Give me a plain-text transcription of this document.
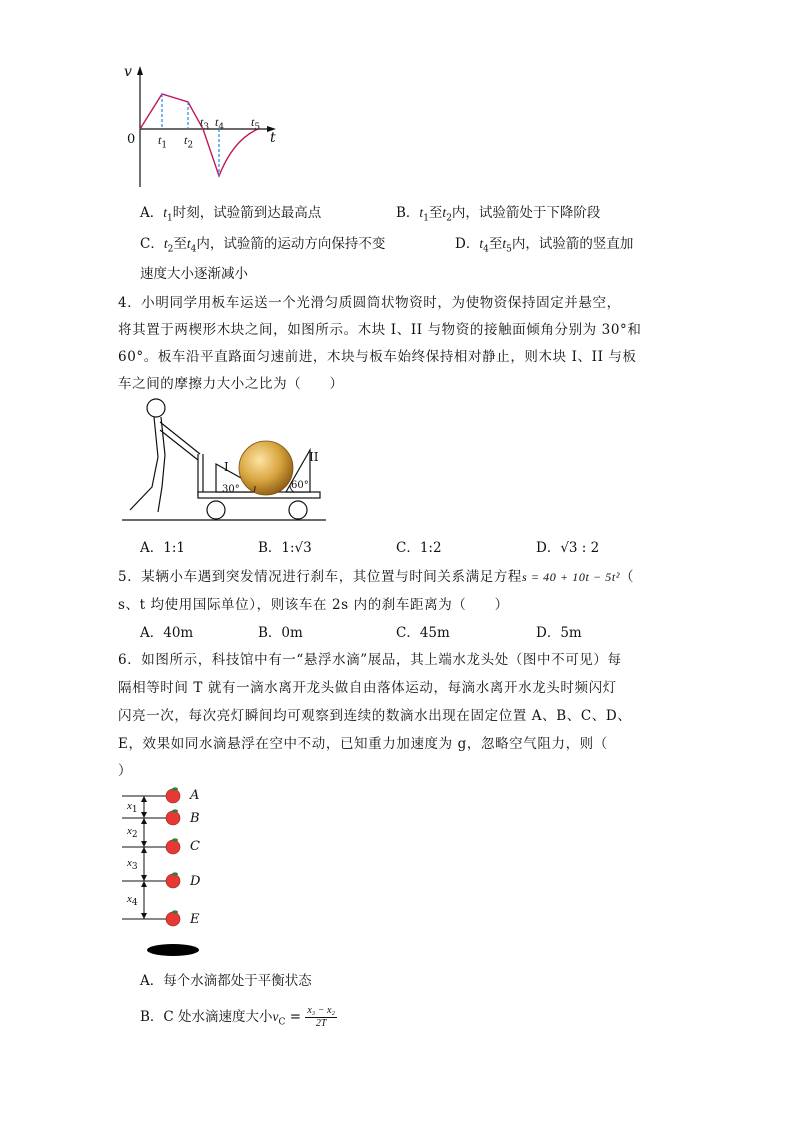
v
t
0 $t_1$ $t_2$
$t_3$ $t_4$ $t_5$
A．$t_1$时刻，试验箭到达最高点	B．$t_1$至$t_2$内，试验箭处于下降阶段
C．$t_2$至$t_4$内，试验箭的运动方向保持不变	D．$t_4$至$t_5$内，试验箭的竖直加
速度大小逐渐减小
4．小明同学用板车运送一个光滑匀质圆筒状物资时，为使物资保持固定并悬空，
将其置于两楔形木块之间，如图所示。木块 I、II 与物资的接触面倾角分别为 30°和
60°。板车沿平直路面匀速前进，木块与板车始终保持相对静止，则木块 I、II 与板
车之间的摩擦力大小之比为（　　）
I
II
30°	60°
A．1:1	B．1:√3	C．1:2	D．√3 : 2
5．某辆小车遇到突发情况进行刹车，其位置与时间关系满足方程s = 40 + 10t − 5t²（
s、t 均使用国际单位），则该车在 2s 内的刹车距离为（　　）
A．40m	B．0m	C．45m	D．5m
6．如图所示，科技馆中有一“悬浮水滴”展品，其上端水龙头处（图中不可见）每
隔相等时间 T 就有一滴水离开龙头做自由落体运动，每滴水离开水龙头时频闪灯
闪亮一次，每次亮灯瞬间均可观察到连续的数滴水出现在固定位置 A、B、C、D、
E，效果如同水滴悬浮在空中不动，已知重力加速度为 g，忽略空气阻力，则（
）
A
B
C
D
E
$x_1$
$x_2$
$x_3$
$x_4$
A．每个水滴都处于平衡状态
B．C 处水滴速度大小$v_C = \frac{\text{x₃ − x₂}}{2T}$
